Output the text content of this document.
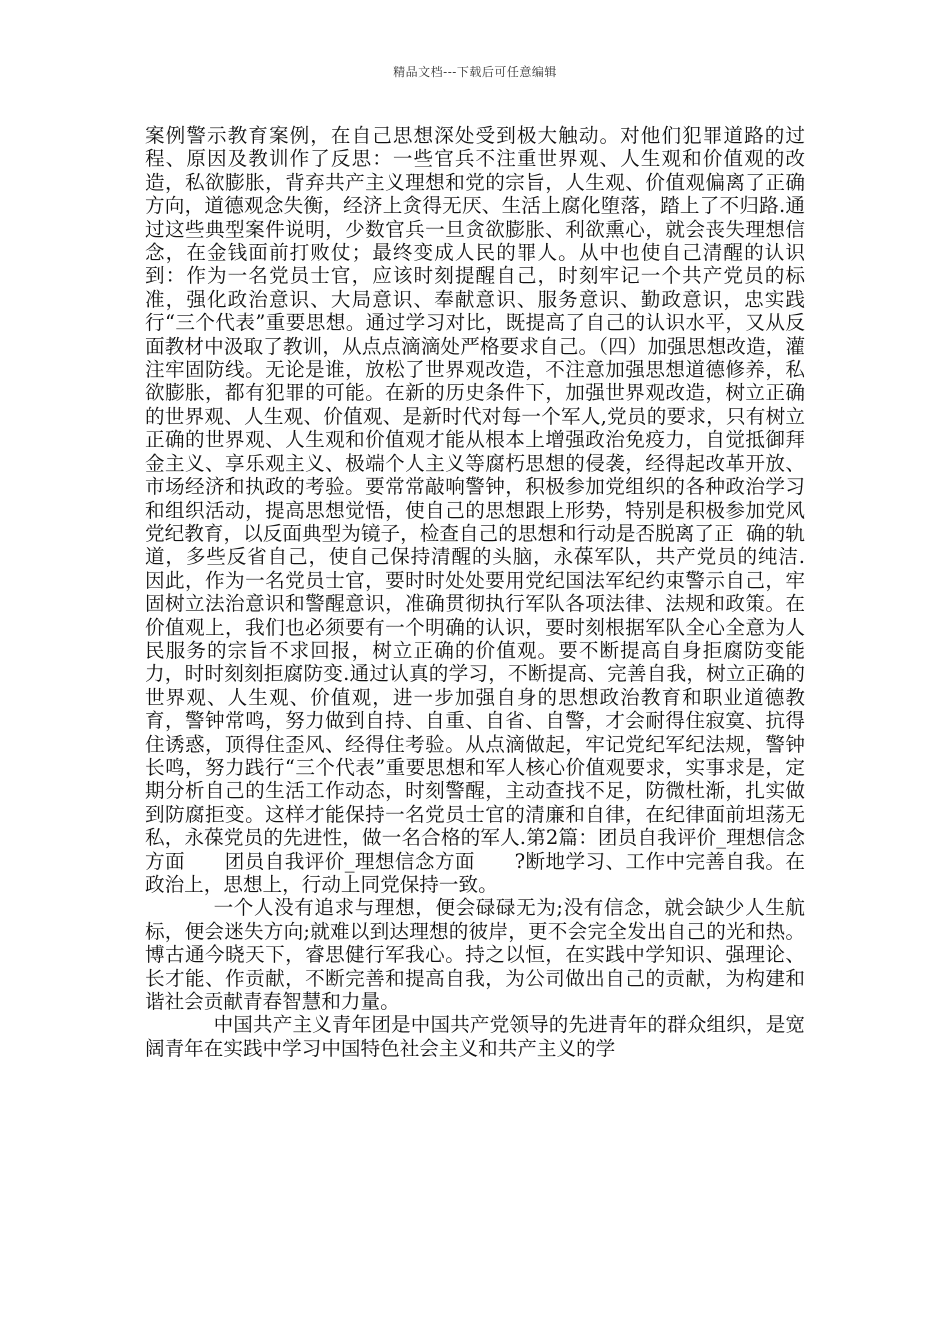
精品文档---下载后可任意编辑

案例警示教育案例，在自己思想深处受到极大触动。对他们犯罪道路的过程、原因及教训作了反思：一些官兵不注重世界观、人生观和价值观的改造，私欲膨胀，背弃共产主义理想和党的宗旨，人生观、价值观偏离了正确方向，道德观念失衡，经济上贪得无厌、生活上腐化堕落，踏上了不归路.通过这些典型案件说明，少数官兵一旦贪欲膨胀、利欲熏心，就会丧失理想信念，在金钱面前打败仗；最终变成人民的罪人。从中也使自己清醒的认识到：作为一名党员士官，应该时刻提醒自己，时刻牢记一个共产党员的标准，强化政治意识、大局意识、奉献意识、服务意识、勤政意识，忠实践行“三个代表”重要思想。通过学习对比，既提高了自己的认识水平，又从反面教材中汲取了教训，从点点滴滴处严格要求自己。（四）加强思想改造，灌注牢固防线。无论是谁，放松了世界观改造，不注意加强思想道德修养，私欲膨胀，都有犯罪的可能。在新的历史条件下，加强世界观改造，树立正确的世界观、人生观、价值观、是新时代对每一个军人,党员的要求，只有树立正确的世界观、人生观和价值观才能从根本上增强政治免疫力，自觉抵御拜金主义、享乐观主义、极端个人主义等腐朽思想的侵袭，经得起改革开放、市场经济和执政的考验。要常常敲响警钟，积极参加党组织的各种政治学习和组织活动，提高思想觉悟，使自己的思想跟上形势，特别是积极参加党风党纪教育，以反面典型为镜子，检查自己的思想和行动是否脱离了正  确的轨道，多些反省自己，使自己保持清醒的头脑，永葆军队，共产党员的纯洁.     因此，作为一名党员士官，要时时处处要用党纪国法军纪约束警示自己，牢固树立法治意识和警醒意识，准确贯彻执行军队各项法律、法规和政策。在价值观上，我们也必须要有一个明确的认识，要时刻根据军队全心全意为人民服务的宗旨不求回报，树立正确的价值观。要不断提高自身拒腐防变能力，时时刻刻拒腐防变.通过认真的学习，不断提高、完善自我，树立正确的世界观、人生观、价值观，进一步加强自身的思想政治教育和职业道德教育，警钟常鸣，努力做到自持、自重、自省、自警，才会耐得住寂寞、抗得住诱惑，顶得住歪风、经得住考验。从点滴做起，牢记党纪军纪法规，警钟长鸣，努力践行“三个代表”重要思想和军人核心价值观要求，实事求是，定期分析自己的生活工作动态，时刻警醒，主动查找不足，防微杜渐，扎实做到防腐拒变。这样才能保持一名党员士官的清廉和自律，在纪律面前坦荡无私，永葆党员的先进性，做一名合格的军人.第2篇：团员自我评价_理想信念方面      团员自我评价_理想信念方面      ?断地学习、工作中完善自我。在政治上，思想上，行动上同党保持一致。

一个人没有追求与理想，便会碌碌无为;没有信念，就会缺少人生航标，便会迷失方向;就难以到达理想的彼岸，更不会完全发出自己的光和热。博古通今晓天下，睿思健行军我心。持之以恒，在实践中学知识、强理论、长才能、作贡献，不断完善和提高自我，为公司做出自己的贡献，为构建和谐社会贡献青春智慧和力量。

中国共产主义青年团是中国共产党领导的先进青年的群众组织，是宽阔青年在实践中学习中国特色社会主义和共产主义的学
